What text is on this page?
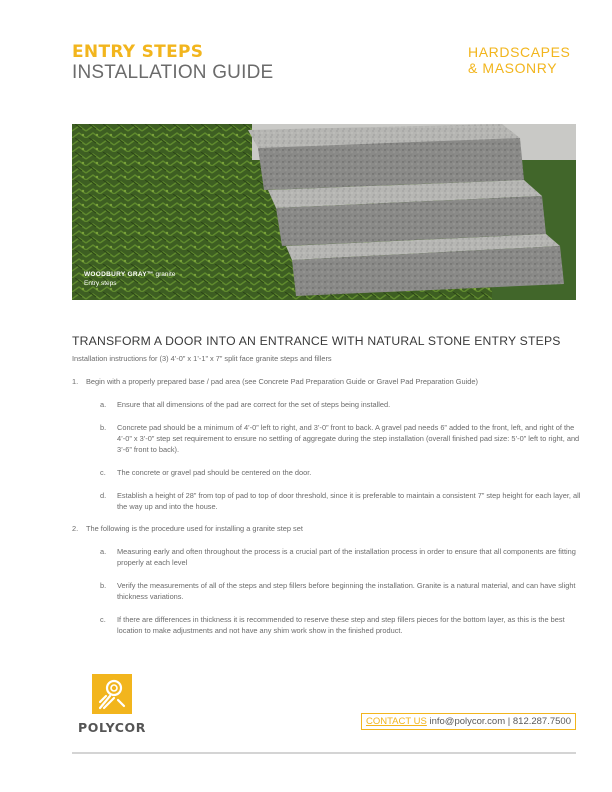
ENTRY STEPS
INSTALLATION GUIDE
HARDSCAPES
& MASONRY
WOODBURY GRAY™ granite
Entry steps
TRANSFORM A DOOR INTO AN ENTRANCE WITH NATURAL STONE ENTRY STEPS
Installation instructions for (3) 4’-0” x 1’-1” x 7” split face granite steps and fillers
1. Begin with a properly prepared base / pad area (see Concrete Pad Preparation Guide or Gravel Pad Preparation Guide)
a. Ensure that all dimensions of the pad are correct for the set of steps being installed.
b. Concrete pad should be a minimum of 4’-0” left to right, and 3’-0” front to back. A gravel pad needs 6” added to the front, left, and right of the 4’-0” x 3’-0” step set requirement to ensure no settling of aggregate during the step installation (overall finished pad size: 5’-0” left to right, and 3’-6” front to back).
c. The concrete or gravel pad should be centered on the door.
d. Establish a height of 28” from top of pad to top of door threshold, since it is preferable to maintain a consistent 7” step height for each layer, all the way up and into the house.
2. The following is the procedure used for installing a granite step set
a. Measuring early and often throughout the process is a crucial part of the installation process in order to ensure that all components are fitting properly at each level
b. Verify the measurements of all of the steps and step fillers before beginning the installation. Granite is a natural material, and can have slight thickness variations.
c. If there are differences in thickness it is recommended to reserve these step and step fillers pieces for the bottom layer, as this is the best location to make adjustments and not have any shim work show in the finished product.
POLYCOR	CONTACT US info@polycor.com | 812.287.7500
